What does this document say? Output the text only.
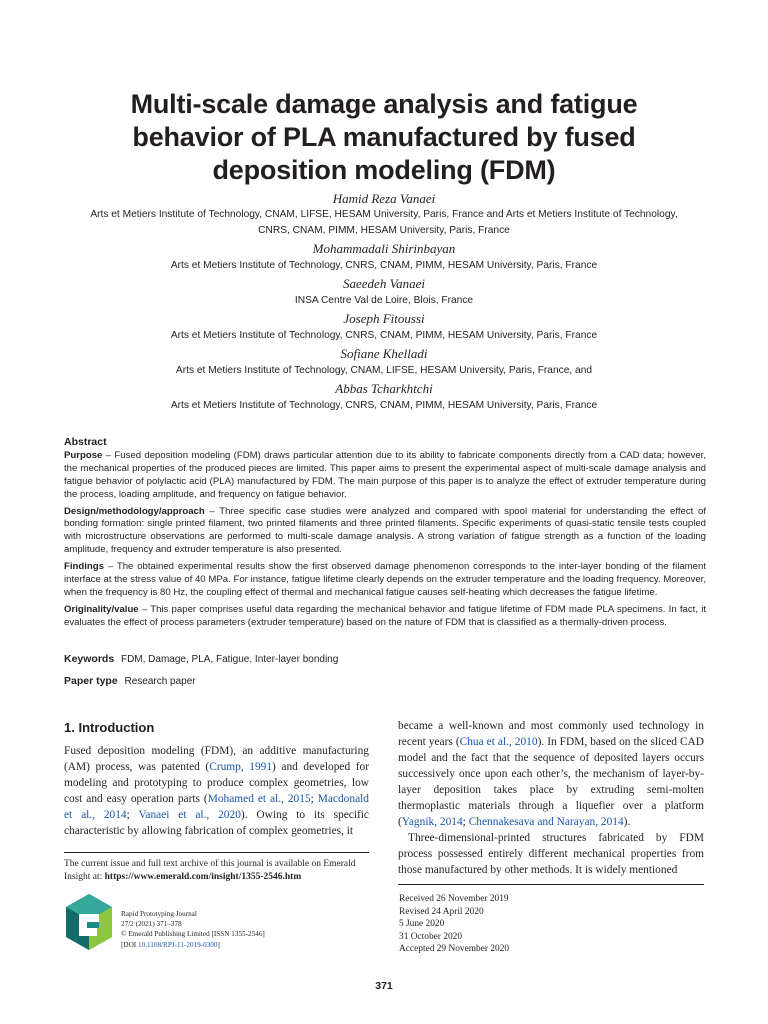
Multi-scale damage analysis and fatigue
behavior of PLA manufactured by fused
deposition modeling (FDM)
Hamid Reza Vanaei
Arts et Metiers Institute of Technology, CNAM, LIFSE, HESAM University, Paris, France and Arts et Metiers Institute of Technology,
CNRS, CNAM, PIMM, HESAM University, Paris, France
Mohammadali Shirinbayan
Arts et Metiers Institute of Technology, CNRS, CNAM, PIMM, HESAM University, Paris, France
Saeedeh Vanaei
INSA Centre Val de Loire, Blois, France
Joseph Fitoussi
Arts et Metiers Institute of Technology, CNRS, CNAM, PIMM, HESAM University, Paris, France
Sofiane Khelladi
Arts et Metiers Institute of Technology, CNAM, LIFSE, HESAM University, Paris, France, and
Abbas Tcharkhtchi
Arts et Metiers Institute of Technology, CNRS, CNAM, PIMM, HESAM University, Paris, France
Abstract

Purpose – Fused deposition modeling (FDM) draws particular attention due to its ability to fabricate components directly from a CAD data; however, the mechanical properties of the produced pieces are limited. This paper aims to present the experimental aspect of multi-scale damage analysis and fatigue behavior of polylactic acid (PLA) manufactured by FDM. The main purpose of this paper is to analyze the effect of extruder temperature during the process, loading amplitude, and frequency on fatigue behavior.

Design/methodology/approach – Three specific case studies were analyzed and compared with spool material for understanding the effect of bonding formation: single printed filament, two printed filaments and three printed filaments. Specific experiments of quasi-static tensile tests coupled with microstructure observations are performed to multi-scale damage analysis. A strong variation of fatigue strength as a function of the loading amplitude, frequency and extruder temperature is also presented.

Findings – The obtained experimental results show the first observed damage phenomenon corresponds to the inter-layer bonding of the filament interface at the stress value of 40 MPa. For instance, fatigue lifetime clearly depends on the extruder temperature and the loading frequency. Moreover, when the frequency is 80 Hz, the coupling effect of thermal and mechanical fatigue causes self-heating which decreases the fatigue lifetime.

Originality/value – This paper comprises useful data regarding the mechanical behavior and fatigue lifetime of FDM made PLA specimens. In fact, it evaluates the effect of process parameters (extruder temperature) based on the nature of FDM that is classified as a thermally-driven process.

Keywords FDM, Damage, PLA, Fatigue, Inter-layer bonding
Paper type Research paper
1. Introduction

Fused deposition modeling (FDM), an additive manufacturing (AM) process, was patented (Crump, 1991) and developed for modeling and prototyping to produce complex geometries, low cost and easy operation parts (Mohamed et al., 2015; Macdonald et al., 2014; Vanaei et al., 2020). Owing to its specific characteristic by allowing fabrication of complex geometries, it

became a well-known and most commonly used technology in recent years (Chua et al., 2010). In FDM, based on the sliced CAD model and the fact that the sequence of deposited layers occurs successively once upon each other’s, the mechanism of layer-by-layer deposition takes place by extruding semi-molten thermoplastic materials through a liquefier over a platform (Yagnik, 2014; Chennakesava and Narayan, 2014).

Three-dimensional-printed structures fabricated by FDM process possessed entirely different mechanical properties from those manufactured by other methods. It is widely mentioned

The current issue and full text archive of this journal is available on Emerald Insight at: https://www.emerald.com/insight/1355-2546.htm
Rapid Prototyping Journal
27/2 (2021) 371–378
© Emerald Publishing Limited [ISSN 1355-2546]
[DOI 10.1108/RPJ-11-2019-0300]
Received 26 November 2019
Revised 24 April 2020
5 June 2020
31 October 2020
Accepted 29 November 2020
371
